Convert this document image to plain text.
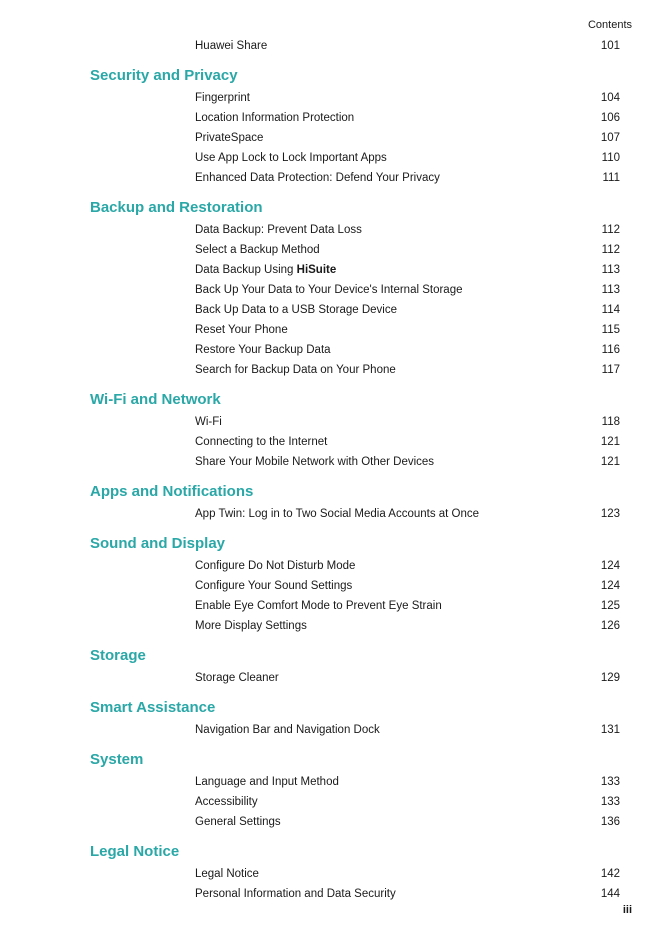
Contents
Huawei Share	101
Security and Privacy
Fingerprint	104
Location Information Protection	106
PrivateSpace	107
Use App Lock to Lock Important Apps	110
Enhanced Data Protection: Defend Your Privacy	111
Backup and Restoration
Data Backup: Prevent Data Loss	112
Select a Backup Method	112
Data Backup Using HiSuite	113
Back Up Your Data to Your Device's Internal Storage	113
Back Up Data to a USB Storage Device	114
Reset Your Phone	115
Restore Your Backup Data	116
Search for Backup Data on Your Phone	117
Wi-Fi and Network
Wi-Fi	118
Connecting to the Internet	121
Share Your Mobile Network with Other Devices	121
Apps and Notifications
App Twin: Log in to Two Social Media Accounts at Once	123
Sound and Display
Configure Do Not Disturb Mode	124
Configure Your Sound Settings	124
Enable Eye Comfort Mode to Prevent Eye Strain	125
More Display Settings	126
Storage
Storage Cleaner	129
Smart Assistance
Navigation Bar and Navigation Dock	131
System
Language and Input Method	133
Accessibility	133
General Settings	136
Legal Notice
Legal Notice	142
Personal Information and Data Security	144
iii
